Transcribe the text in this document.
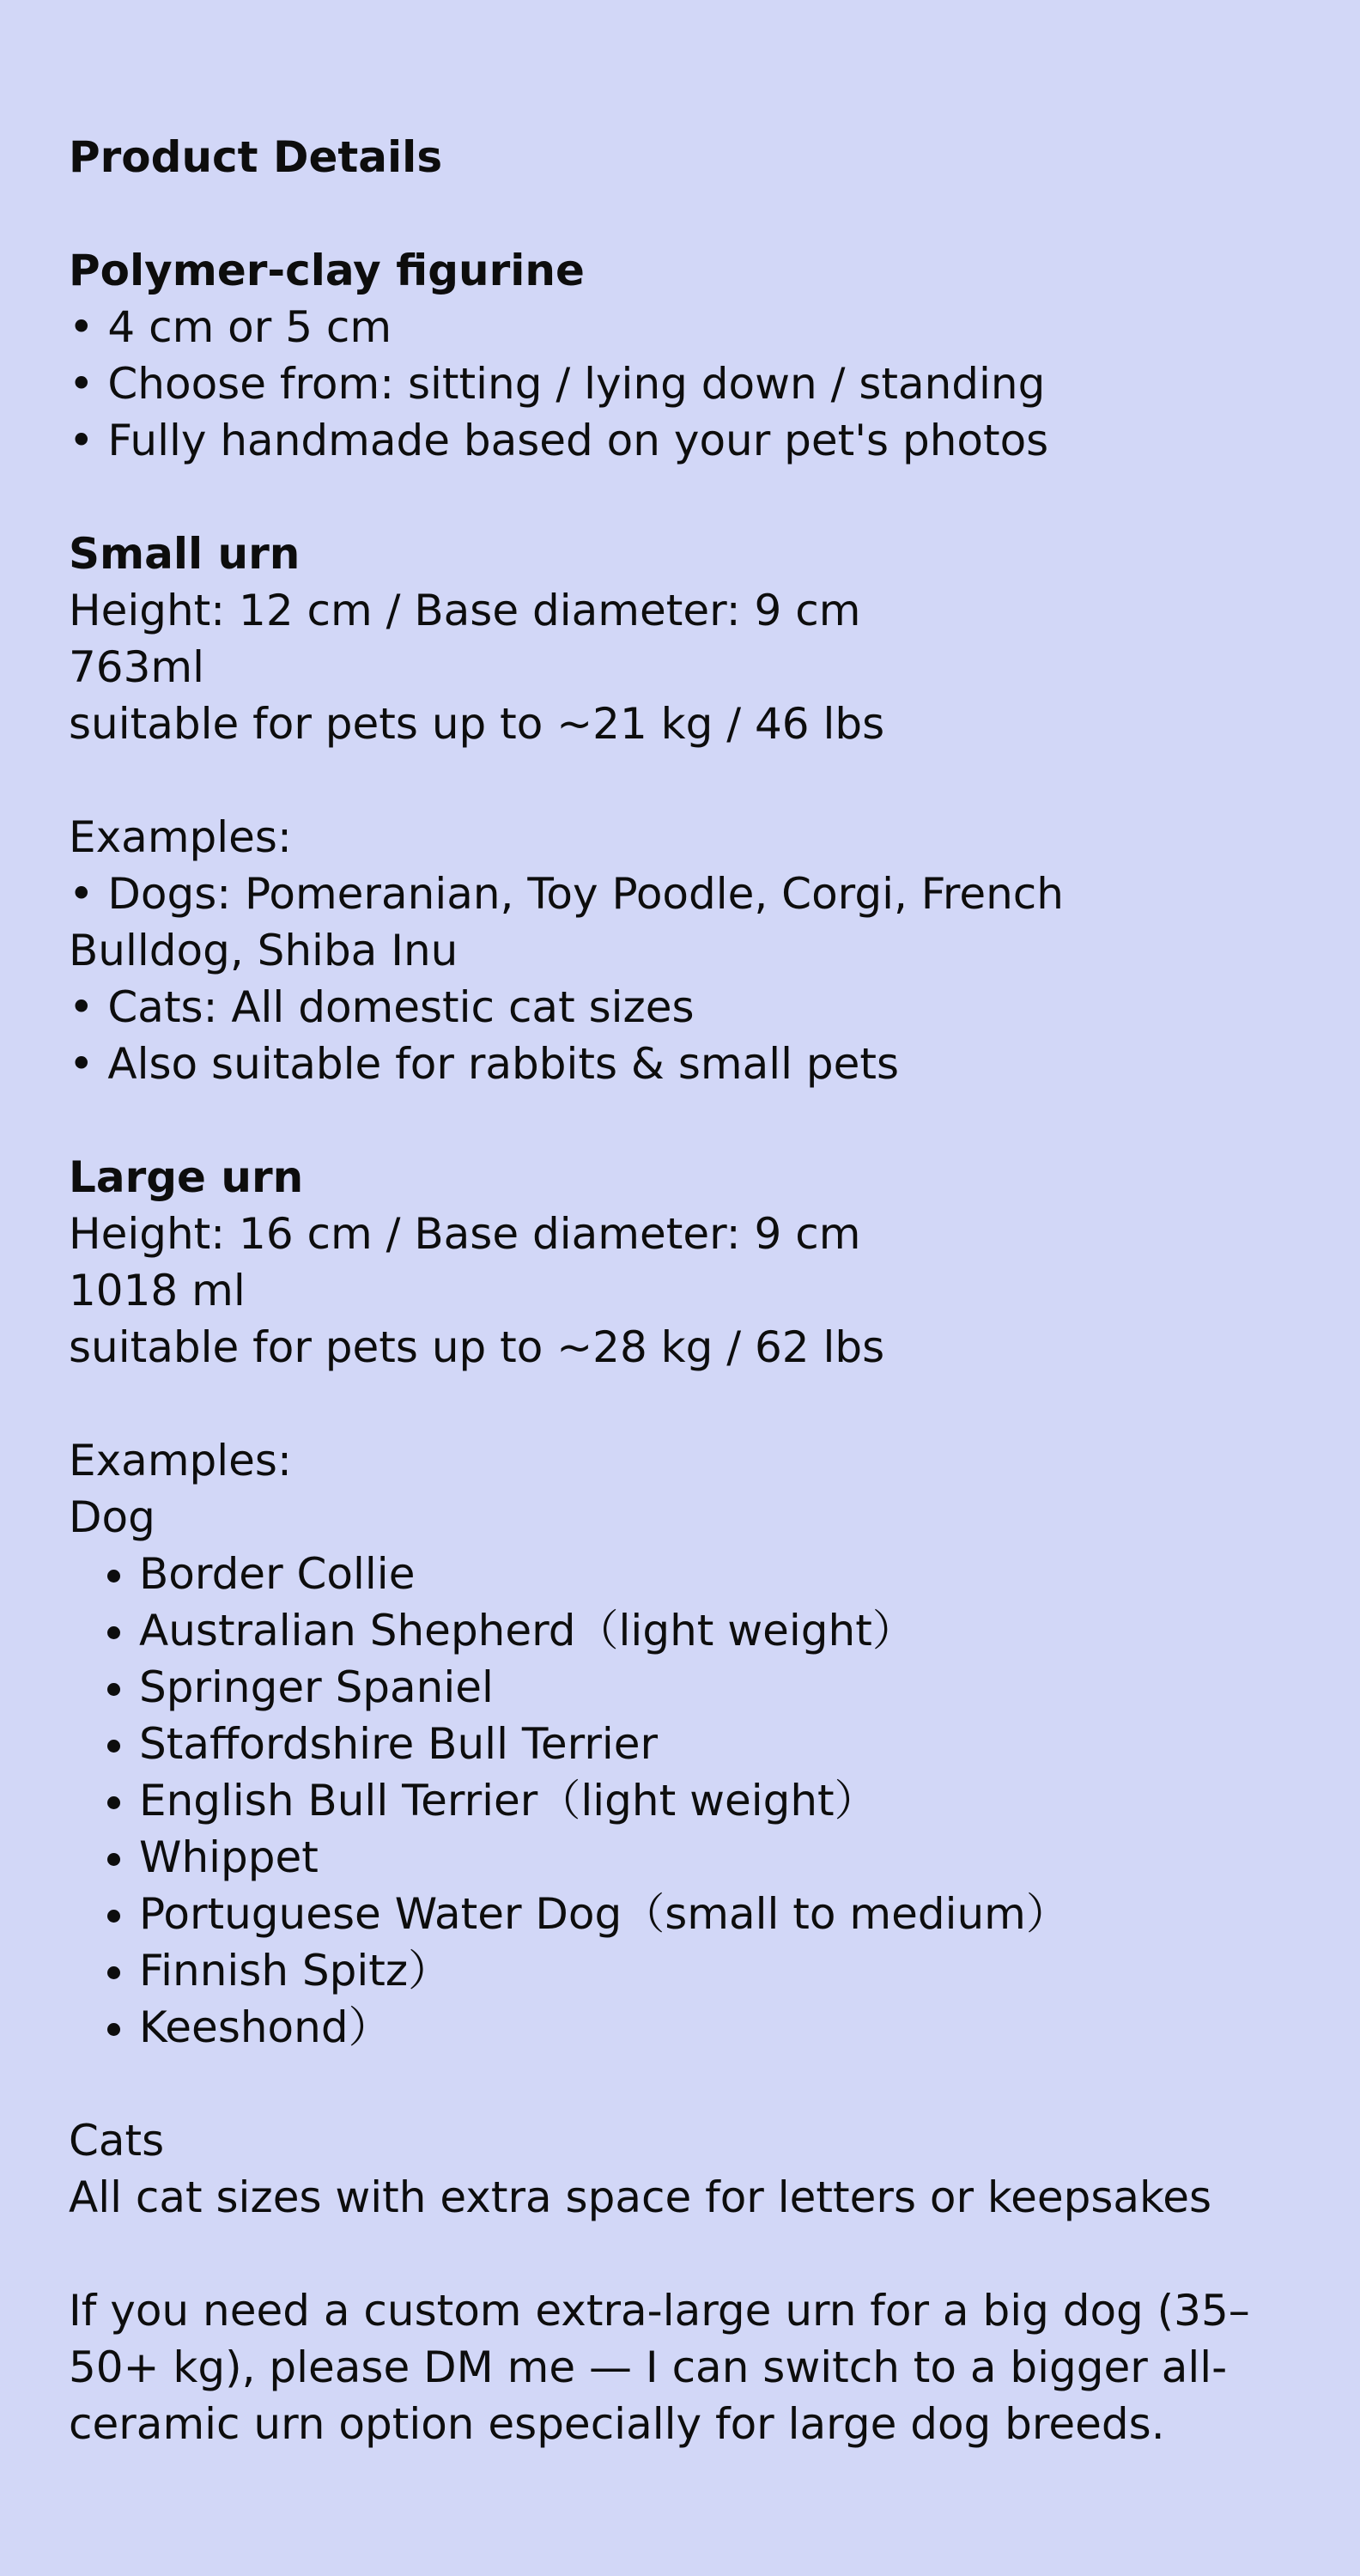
Product Details
Polymer-clay figurine
• 4 cm or 5 cm
• Choose from: sitting / lying down / standing
• Fully handmade based on your pet's photos
Small urn
Height: 12 cm / Base diameter: 9 cm
763ml
suitable for pets up to ~21 kg / 46 lbs
Examples:
• Dogs: Pomeranian, Toy Poodle, Corgi, French
Bulldog, Shiba Inu
• Cats: All domestic cat sizes
• Also suitable for rabbits & small pets
Large urn
Height: 16 cm / Base diameter: 9 cm
1018 ml
suitable for pets up to ~28 kg / 62 lbs
Examples:
Dog
• Border Collie
• Australian Shepherd（light weight）
• Springer Spaniel
• Staffordshire Bull Terrier
• English Bull Terrier（light weight）
• Whippet
• Portuguese Water Dog（small to medium）
• Finnish Spitz）
• Keeshond）
Cats
All cat sizes with extra space for letters or keepsakes
If you need a custom extra-large urn for a big dog (35–50+ kg), please DM me — I can switch to a bigger all-ceramic urn option especially for large dog breeds.
